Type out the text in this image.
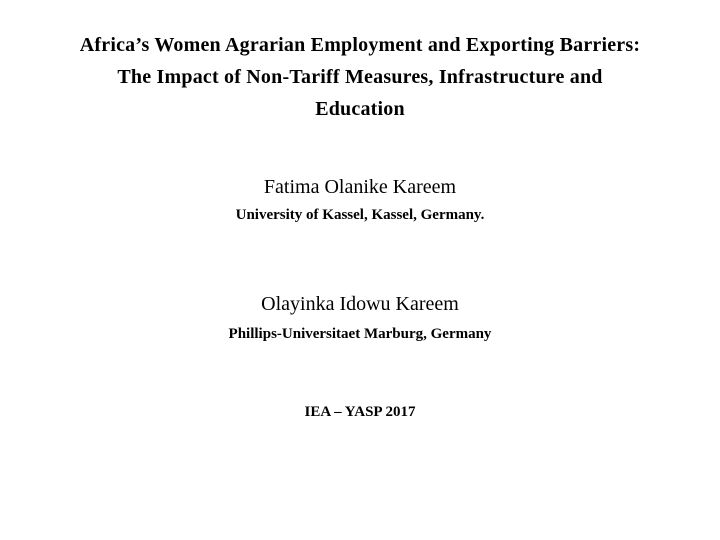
Africa’s Women Agrarian Employment and Exporting Barriers:
The Impact of Non-Tariff Measures, Infrastructure and
Education
Fatima Olanike Kareem
University of Kassel, Kassel, Germany.
Olayinka Idowu Kareem
Phillips-Universitaet Marburg, Germany
IEA – YASP 2017
